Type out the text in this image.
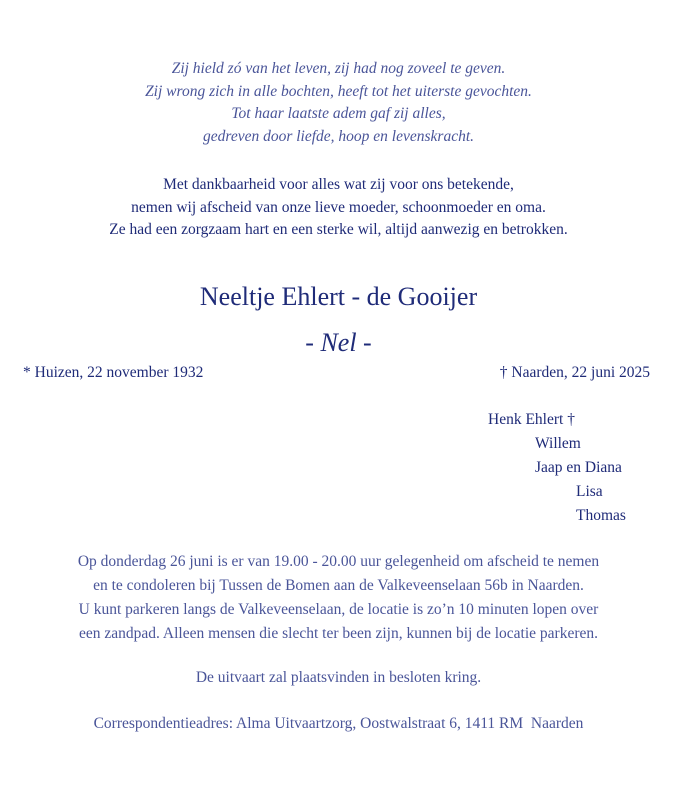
Zij hield zó van het leven, zij had nog zoveel te geven.
Zij wrong zich in alle bochten, heeft tot het uiterste gevochten.
Tot haar laatste adem gaf zij alles,
gedreven door liefde, hoop en levenskracht.
Met dankbaarheid voor alles wat zij voor ons betekende,
nemen wij afscheid van onze lieve moeder, schoonmoeder en oma.
Ze had een zorgzaam hart en een sterke wil, altijd aanwezig en betrokken.
Neeltje Ehlert - de Gooijer
- Nel -
* Huizen, 22 november 1932	† Naarden, 22 juni 2025
Henk Ehlert †
Willem
Jaap en Diana
Lisa
Thomas
Op donderdag 26 juni is er van 19.00 - 20.00 uur gelegenheid om afscheid te nemen
en te condoleren bij Tussen de Bomen aan de Valkeveenselaan 56b in Naarden.
U kunt parkeren langs de Valkeveenselaan, de locatie is zo’n 10 minuten lopen over
een zandpad. Alleen mensen die slecht ter been zijn, kunnen bij de locatie parkeren.
De uitvaart zal plaatsvinden in besloten kring.
Correspondentieadres: Alma Uitvaartzorg, Oostwalstraat 6, 1411 RM  Naarden
